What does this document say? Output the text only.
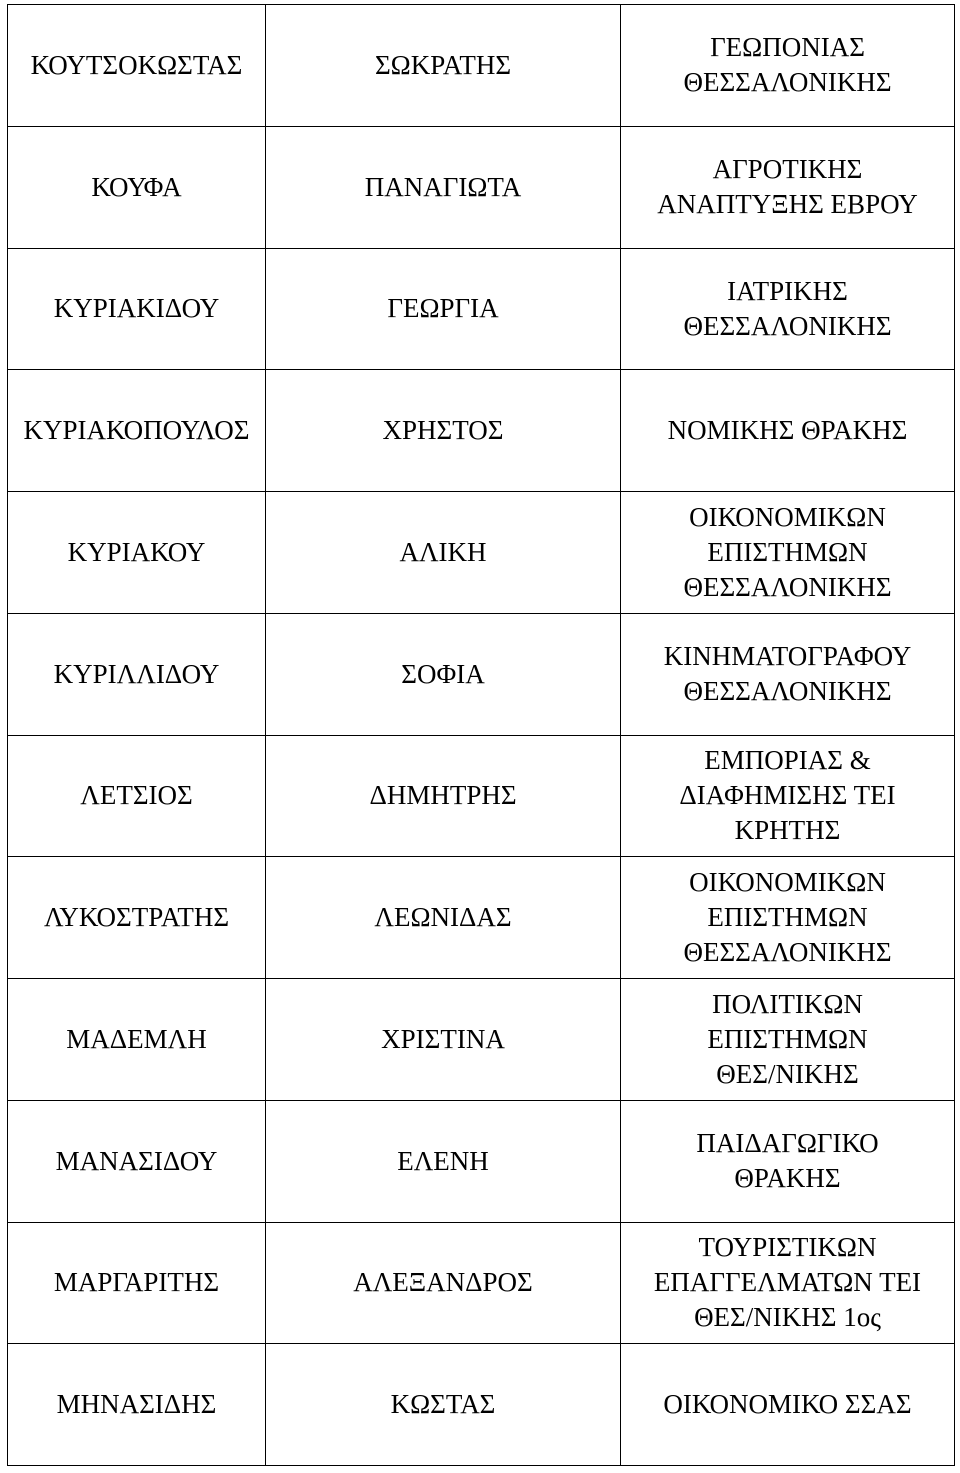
ΚΟΥΤΣΟΚΩΣΤΑΣ	ΣΩΚΡΑΤΗΣ	ΓΕΩΠΟΝΙΑΣ
ΘΕΣΣΑΛΟΝΙΚΗΣ
ΚΟΥΦΑ	ΠΑΝΑΓΙΩΤΑ	ΑΓΡΟΤΙΚΗΣ
ΑΝΑΠΤΥΞΗΣ ΕΒΡΟΥ
ΚΥΡΙΑΚΙΔΟΥ	ΓΕΩΡΓΙΑ	ΙΑΤΡΙΚΗΣ
ΘΕΣΣΑΛΟΝΙΚΗΣ
ΚΥΡΙΑΚΟΠΟΥΛΟΣ	ΧΡΗΣΤΟΣ	ΝΟΜΙΚΗΣ ΘΡΑΚΗΣ
ΚΥΡΙΑΚΟΥ	ΑΛΙΚΗ	ΟΙΚΟΝΟΜΙΚΩΝ
ΕΠΙΣΤΗΜΩΝ
ΘΕΣΣΑΛΟΝΙΚΗΣ
ΚΥΡΙΛΛΙΔΟΥ	ΣΟΦΙΑ	ΚΙΝΗΜΑΤΟΓΡΑΦΟΥ
ΘΕΣΣΑΛΟΝΙΚΗΣ
ΛΕΤΣΙΟΣ	ΔΗΜΗΤΡΗΣ	ΕΜΠΟΡΙΑΣ &
ΔΙΑΦΗΜΙΣΗΣ ΤΕΙ
ΚΡΗΤΗΣ
ΛΥΚΟΣΤΡΑΤΗΣ	ΛΕΩΝΙΔΑΣ	ΟΙΚΟΝΟΜΙΚΩΝ
ΕΠΙΣΤΗΜΩΝ
ΘΕΣΣΑΛΟΝΙΚΗΣ
ΜΑΔΕΜΛΗ	ΧΡΙΣΤΙΝΑ	ΠΟΛΙΤΙΚΩΝ
ΕΠΙΣΤΗΜΩΝ
ΘΕΣ/ΝΙΚΗΣ
ΜΑΝΑΣΙΔΟΥ	ΕΛΕΝΗ	ΠΑΙΔΑΓΩΓΙΚΟ
ΘΡΑΚΗΣ
ΜΑΡΓΑΡΙΤΗΣ	ΑΛΕΞΑΝΔΡΟΣ	ΤΟΥΡΙΣΤΙΚΩΝ
ΕΠΑΓΓΕΛΜΑΤΩΝ ΤΕΙ
ΘΕΣ/ΝΙΚΗΣ 1ος
ΜΗΝΑΣΙΔΗΣ	ΚΩΣΤΑΣ	ΟΙΚΟΝΟΜΙΚΟ ΣΣΑΣ
